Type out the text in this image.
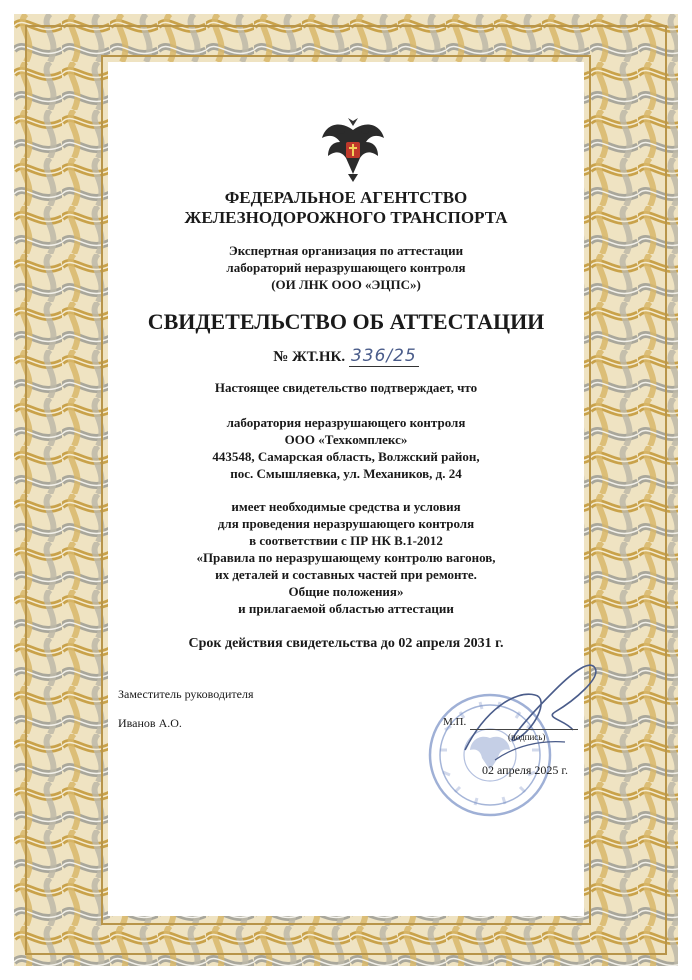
ФЕДЕРАЛЬНОЕ АГЕНТСТВО
ЖЕЛЕЗНОДОРОЖНОГО ТРАНСПОРТА
Экспертная организация по аттестации
лабораторий неразрушающего контроля
(ОИ ЛНК ООО «ЭЦПС»)
СВИДЕТЕЛЬСТВО ОБ АТТЕСТАЦИИ
№ ЖТ.НК. 336/25
Настоящее свидетельство подтверждает, что
лаборатория неразрушающего контроля
ООО «Техкомплекс»
443548, Самарская область, Волжский район,
пос. Смышляевка, ул. Механиков, д. 24
имеет необходимые средства и условия
для проведения неразрушающего контроля
в соответствии с ПР НК В.1-2012
«Правила по неразрушающему контролю вагонов,
их деталей и составных частей при ремонте.
Общие положения»
и прилагаемой областью аттестации
Срок действия свидетельства до 02 апреля 2031 г.
Заместитель руководителя
Иванов А.О.	М.П.
(подпись)
02 апреля 2025 г.
